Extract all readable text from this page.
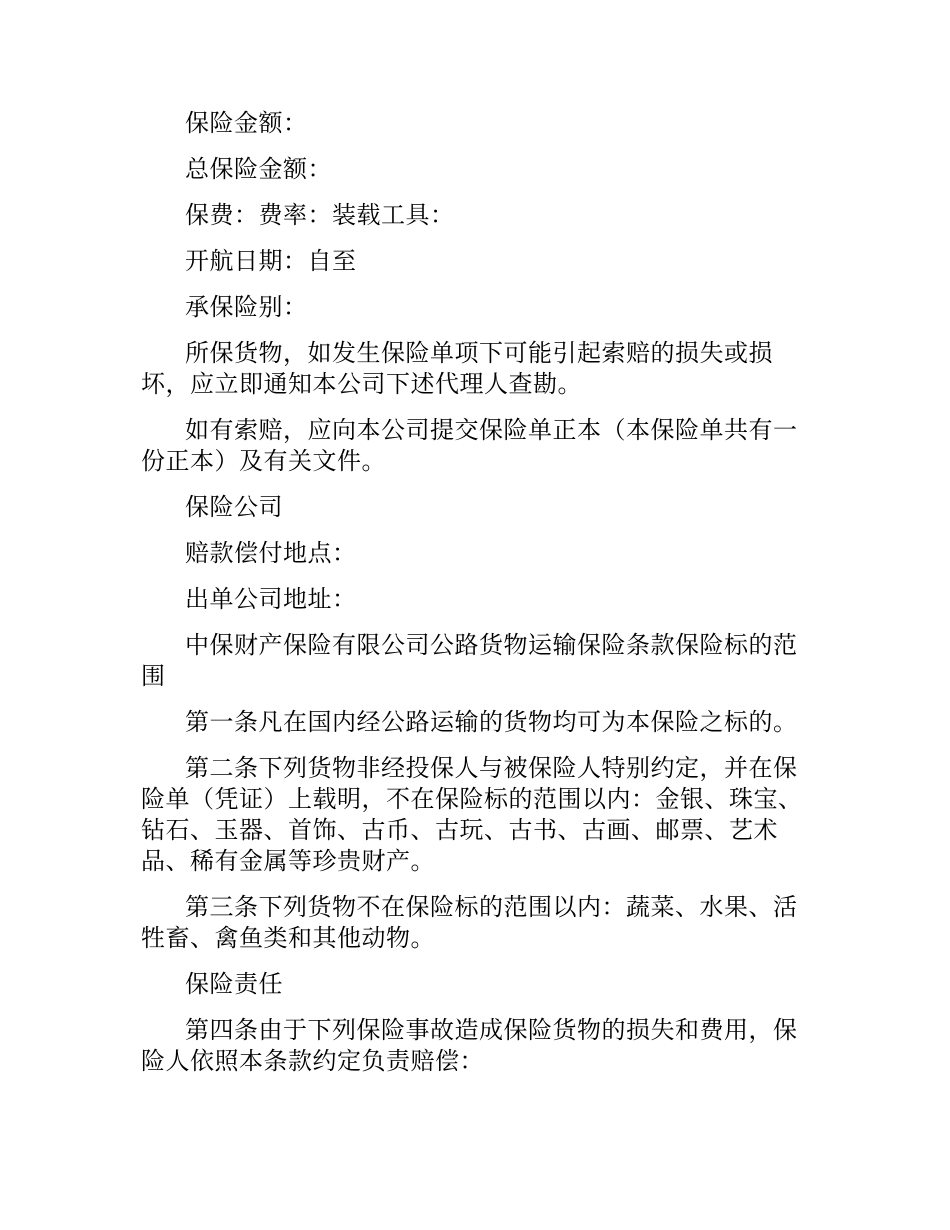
保险金额：

总保险金额：

保费：费率：装载工具：

开航日期：自至

承保险别：

所保货物，如发生保险单项下可能引起索赔的损失或损坏，应立即通知本公司下述代理人查勘。

如有索赔，应向本公司提交保险单正本（本保险单共有一份正本）及有关文件。

保险公司

赔款偿付地点：

出单公司地址：

中保财产保险有限公司公路货物运输保险条款保险标的范围

第一条凡在国内经公路运输的货物均可为本保险之标的。

第二条下列货物非经投保人与被保险人特别约定，并在保险单（凭证）上载明，不在保险标的范围以内：金银、珠宝、钻石、玉器、首饰、古币、古玩、古书、古画、邮票、艺术品、稀有金属等珍贵财产。

第三条下列货物不在保险标的范围以内：蔬菜、水果、活牲畜、禽鱼类和其他动物。

保险责任

第四条由于下列保险事故造成保险货物的损失和费用，保险人依照本条款约定负责赔偿：
